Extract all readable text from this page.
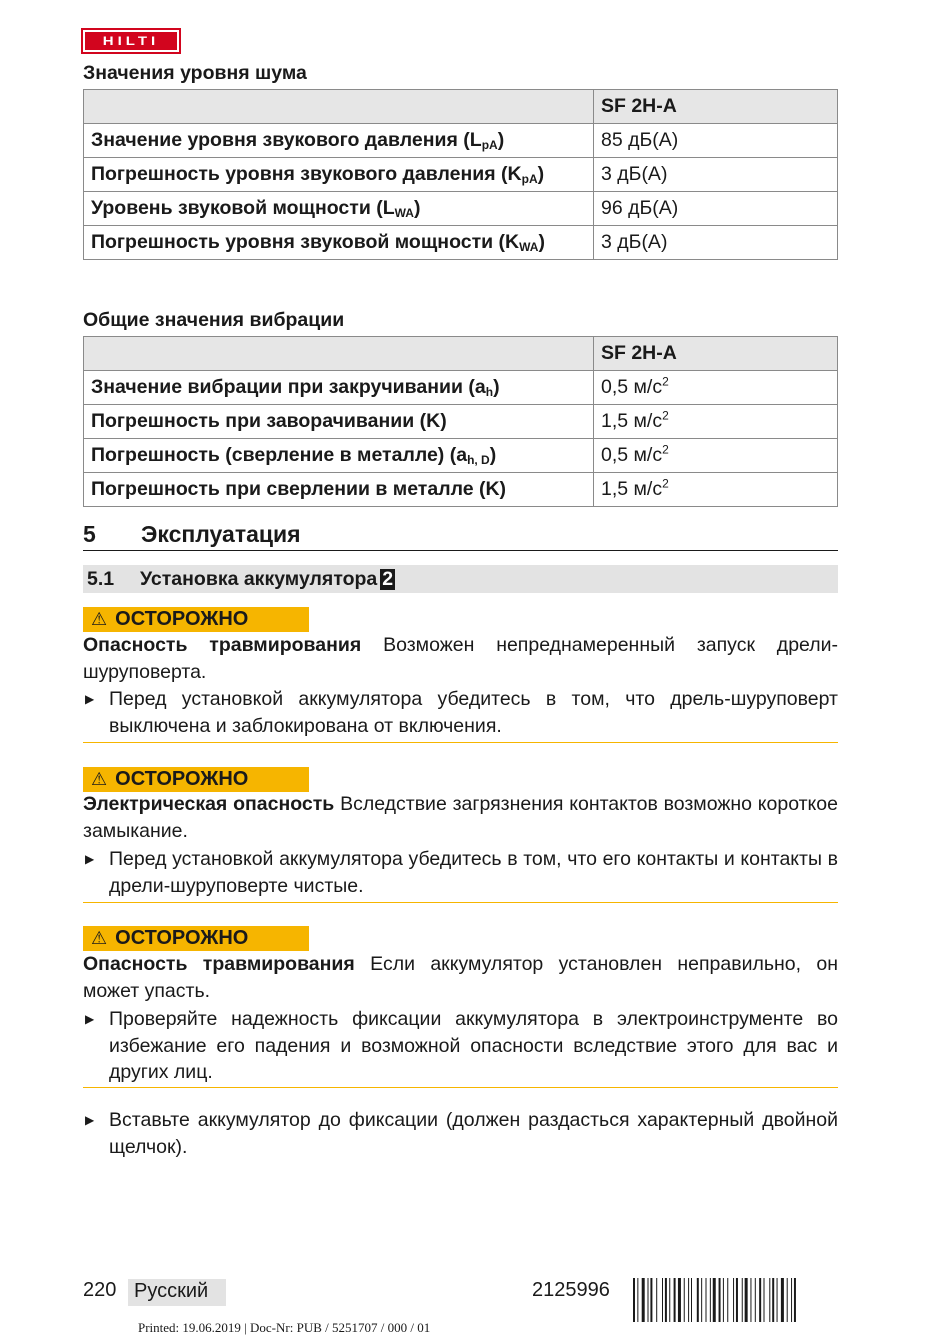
HILTI
Значения уровня шума
	SF 2H-A
Значение уровня звукового давления $(L_{pA})$	85 дБ(A)
Погрешность уровня звукового давления $(K_{pA})$	3 дБ(A)
Уровень звуковой мощности $(L_{WA})$	96 дБ(A)
Погрешность уровня звуковой мощности $(K_{WA})$	3 дБ(A)
Общие значения вибрации
	SF 2H-A
Значение вибрации при закручивании $(a_h)$	0,5 $м/с^2$
Погрешность при заворачивании (K)	1,5 $м/с^2$
Погрешность (сверление в металле) $(a_{h, D})$	0,5 $м/с^2$
Погрешность при сверлении в металле (K)	1,5 $м/с^2$
5 Эксплуатация
5.1 Установка аккумулятора 2
⚠ ОСТОРОЖНО
Опасность травмирования Возможен непреднамеренный запуск дрели-шуруповерта.
▶ Перед установкой аккумулятора убедитесь в том, что дрель-шуруповерт выключена и заблокирована от включения.
⚠ ОСТОРОЖНО
Электрическая опасность Вследствие загрязнения контактов возможно короткое замыкание.
▶ Перед установкой аккумулятора убедитесь в том, что его контакты и контакты в дрели-шуруповерте чистые.
⚠ ОСТОРОЖНО
Опасность травмирования Если аккумулятор установлен неправильно, он может упасть.
▶ Проверяйте надежность фиксации аккумулятора в электроинструменте во избежание его падения и возможной опасности вследствие этого для вас и других лиц.
▶ Вставьте аккумулятор до фиксации (должен раздасться характерный двойной щелчок).
220 Русский	2125996
Printed: 19.06.2019 | Doc-Nr: PUB / 5251707 / 000 / 01
